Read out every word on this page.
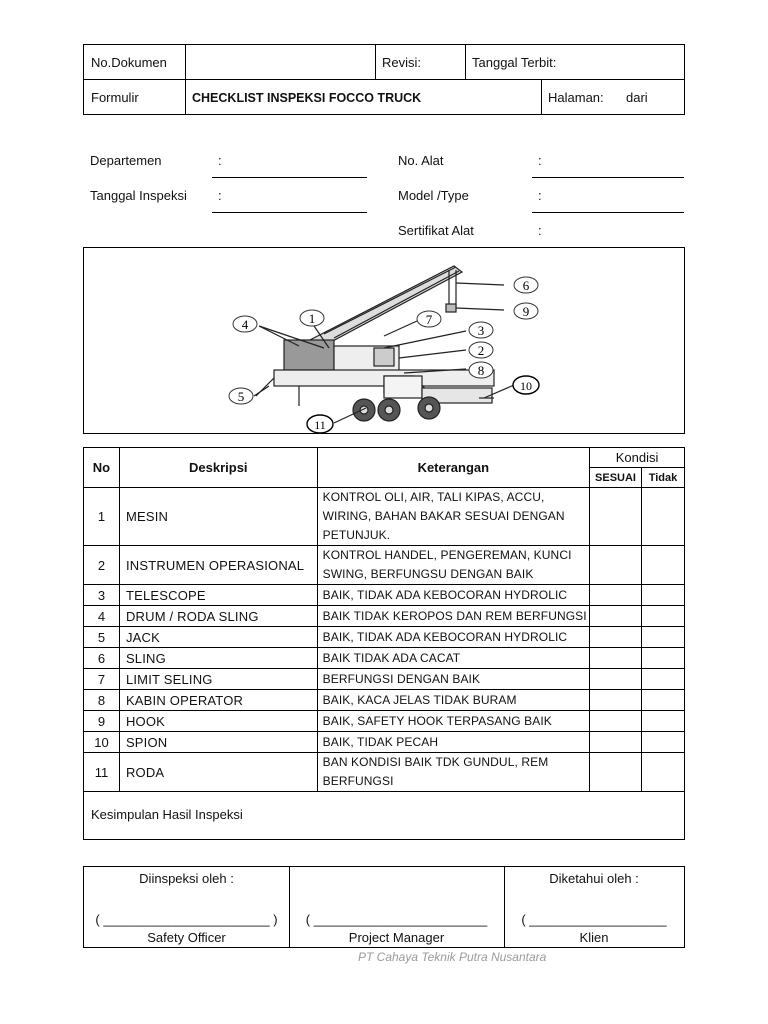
No.Dokumen	Revisi:	Tanggal Terbit:
Formulir	CHECKLIST INSPEKSI FOCCO TRUCK	Halaman:	dari
Departemen	:
Tanggal Inspeksi :
No. Alat	:
Model /Type	:
Sertifikat Alat	:
1
4	7
3
2
8
6
9
5
10
11
No	Deskripsi	Keterangan	Kondisi	
			SESUAI	Tidak
1	MESIN	KONTROL OLI, AIR, TALI KIPAS, ACCU, WIRING, BAHAN BAKAR SESUAI DENGAN PETUNJUK.		
2	INSTRUMEN OPERASIONAL	KONTROL HANDEL, PENGEREMAN, KUNCI SWING, BERFUNGSU DENGAN BAIK		
3	TELESCOPE	BAIK, TIDAK ADA KEBOCORAN HYDROLIC		
4	DRUM / RODA SLING	BAIK TIDAK KEROPOS DAN REM BERFUNGSI		
5	JACK	BAIK, TIDAK ADA KEBOCORAN HYDROLIC		
6	SLING	BAIK TIDAK ADA CACAT		
7	LIMIT SELING	BERFUNGSI DENGAN BAIK		
8	KABIN OPERATOR	BAIK, KACA JELAS TIDAK BURAM		
9	HOOK	BAIK, SAFETY HOOK TERPASANG BAIK		
10	SPION	BAIK, TIDAK PECAH		
11	RODA	BAN KONDISI BAIK TDK GUNDUL, REM BERFUNGSI		
Kesimpulan Hasil Inspeksi
Diinspeksi oleh :
( _______________________ )
Safety Officer
( ________________________
Project Manager
Diketahui oleh :
( ___________________
Klien
PT Cahaya Teknik Putra Nusantara
